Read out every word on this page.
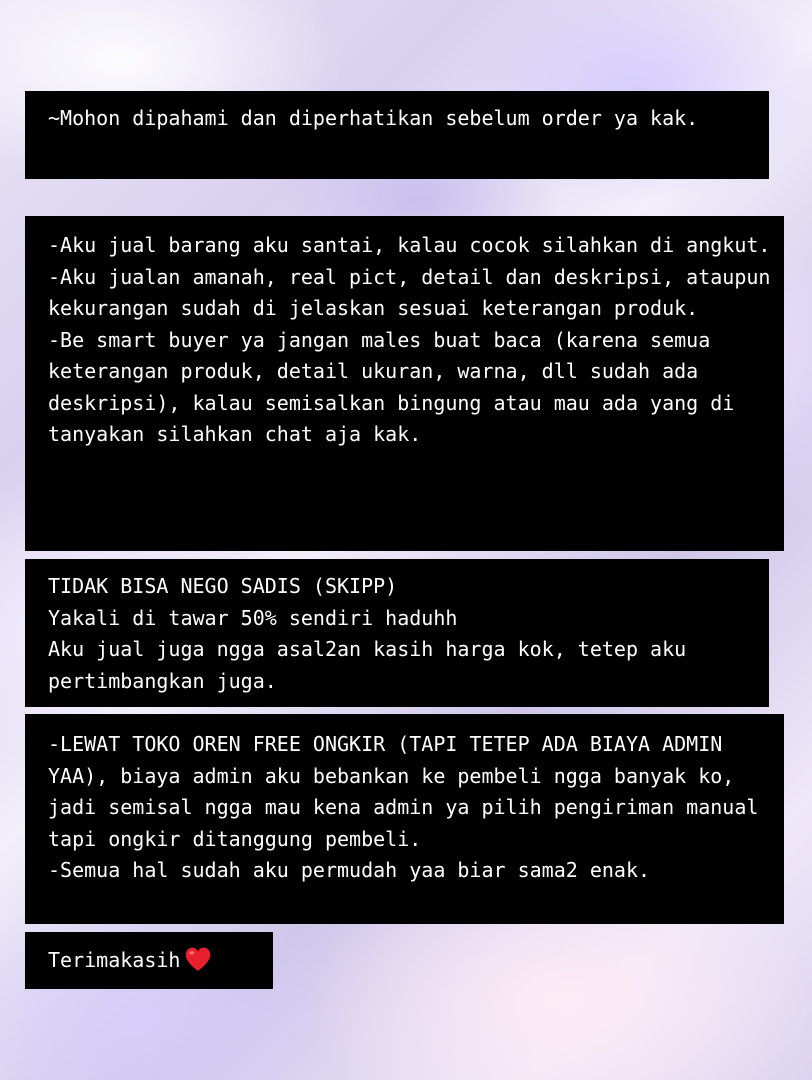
~Mohon dipahami dan diperhatikan sebelum order ya kak.
-Aku jual barang aku santai, kalau cocok silahkan di angkut.
-Aku jualan amanah, real pict, detail dan deskripsi, ataupun kekurangan sudah di jelaskan sesuai keterangan produk.
-Be smart buyer ya jangan males buat baca (karena semua keterangan produk, detail ukuran, warna, dll sudah ada deskripsi), kalau semisalkan bingung atau mau ada yang di tanyakan silahkan chat aja kak.
TIDAK BISA NEGO SADIS (SKIPP)
Yakali di tawar 50% sendiri haduhh
Aku jual juga ngga asal2an kasih harga kok, tetep aku pertimbangkan juga.
-LEWAT TOKO OREN FREE ONGKIR (TAPI TETEP ADA BIAYA ADMIN YAA), biaya admin aku bebankan ke pembeli ngga banyak ko, jadi semisal ngga mau kena admin ya pilih pengiriman manual tapi ongkir ditanggung pembeli.
-Semua hal sudah aku permudah yaa biar sama2 enak.
Terimakasih
